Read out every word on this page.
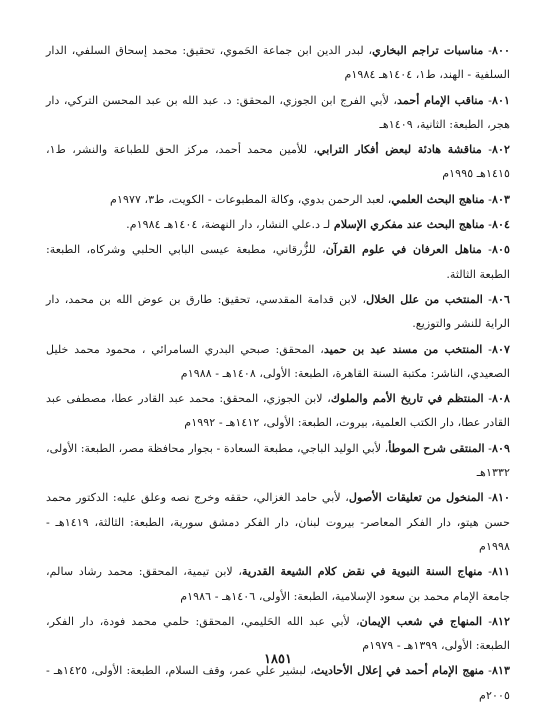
٨٠٠- مناسبات تراجم البخاري، لبدر الدين ابن جماعة الحَموي، تحقيق: محمد إسحاق السلفي، الدار السلفية - الهند، ط١، ١٤٠٤هـ ١٩٨٤م

٨٠١- مناقب الإمام أحمد، لأبي الفرج ابن الجوزي، المحقق: د. عبد الله بن عبد المحسن التركي، دار هجر، الطبعة: الثانية، ١٤٠٩هـ

٨٠٢- مناقشة هادئة لبعض أفكار الترابي، للأمين محمد أحمد، مركز الحق للطباعة والنشر، ط١، ١٤١٥هـ ١٩٩٥م

٨٠٣- مناهج البحث العلمي، لعبد الرحمن بدوي، وكالة المطبوعات - الكويت، ط٣، ١٩٧٧م

٨٠٤- مناهج البحث عند مفكري الإسلام لـ د.علي النشار، دار النهضة، ١٤٠٤هـ ١٩٨٤م.

٨٠٥- مناهل العرفان في علوم القرآن، للزُّرقاني، مطبعة عيسى البابي الحلبي وشركاه، الطبعة: الطبعة الثالثة.

٨٠٦- المنتخب من علل الخلال، لابن قدامة المقدسي، تحقيق: طارق بن عوض الله بن محمد، دار الراية للنشر والتوزيع.

٨٠٧- المنتخب من مسند عبد بن حميد، المحقق: صبحي البدري السامرائي ، محمود محمد خليل الصعيدي، الناشر: مكتبة السنة القاهرة، الطبعة: الأولى، ١٤٠٨هـ - ١٩٨٨م

٨٠٨- المنتظم في تاريخ الأمم والملوك، لابن الجوزي، المحقق: محمد عبد القادر عطا، مصطفى عبد القادر عطا، دار الكتب العلمية، بيروت، الطبعة: الأولى، ١٤١٢هـ - ١٩٩٢م

٨٠٩- المنتقى شرح الموطأ، لأبي الوليد الباجي، مطبعة السعادة - بجوار محافظة مصر، الطبعة: الأولى، ١٣٣٢هـ

٨١٠- المنخول من تعليقات الأصول، لأبي حامد الغزالي، حققه وخرج نصه وعلق عليه: الدكتور محمد حسن هيتو، دار الفكر المعاصر- بيروت لبنان، دار الفكر دمشق سورية، الطبعة: الثالثة، ١٤١٩هـ - ١٩٩٨م

٨١١- منهاج السنة النبوية في نقض كلام الشيعة القدرية، لابن تيمية، المحقق: محمد رشاد سالم، جامعة الإمام محمد بن سعود الإسلامية، الطبعة: الأولى، ١٤٠٦هـ - ١٩٨٦م

٨١٢- المنهاج في شعب الإيمان، لأبي عبد الله الحَليمي، المحقق: حلمي محمد فودة، دار الفكر، الطبعة: الأولى، ١٣٩٩هـ - ١٩٧٩م

٨١٣- منهج الإمام أحمد في إعلال الأحاديث، لبشير علي عمر، وقف السلام، الطبعة: الأولى، ١٤٢٥هـ - ٢٠٠٥م

١٨٥١
